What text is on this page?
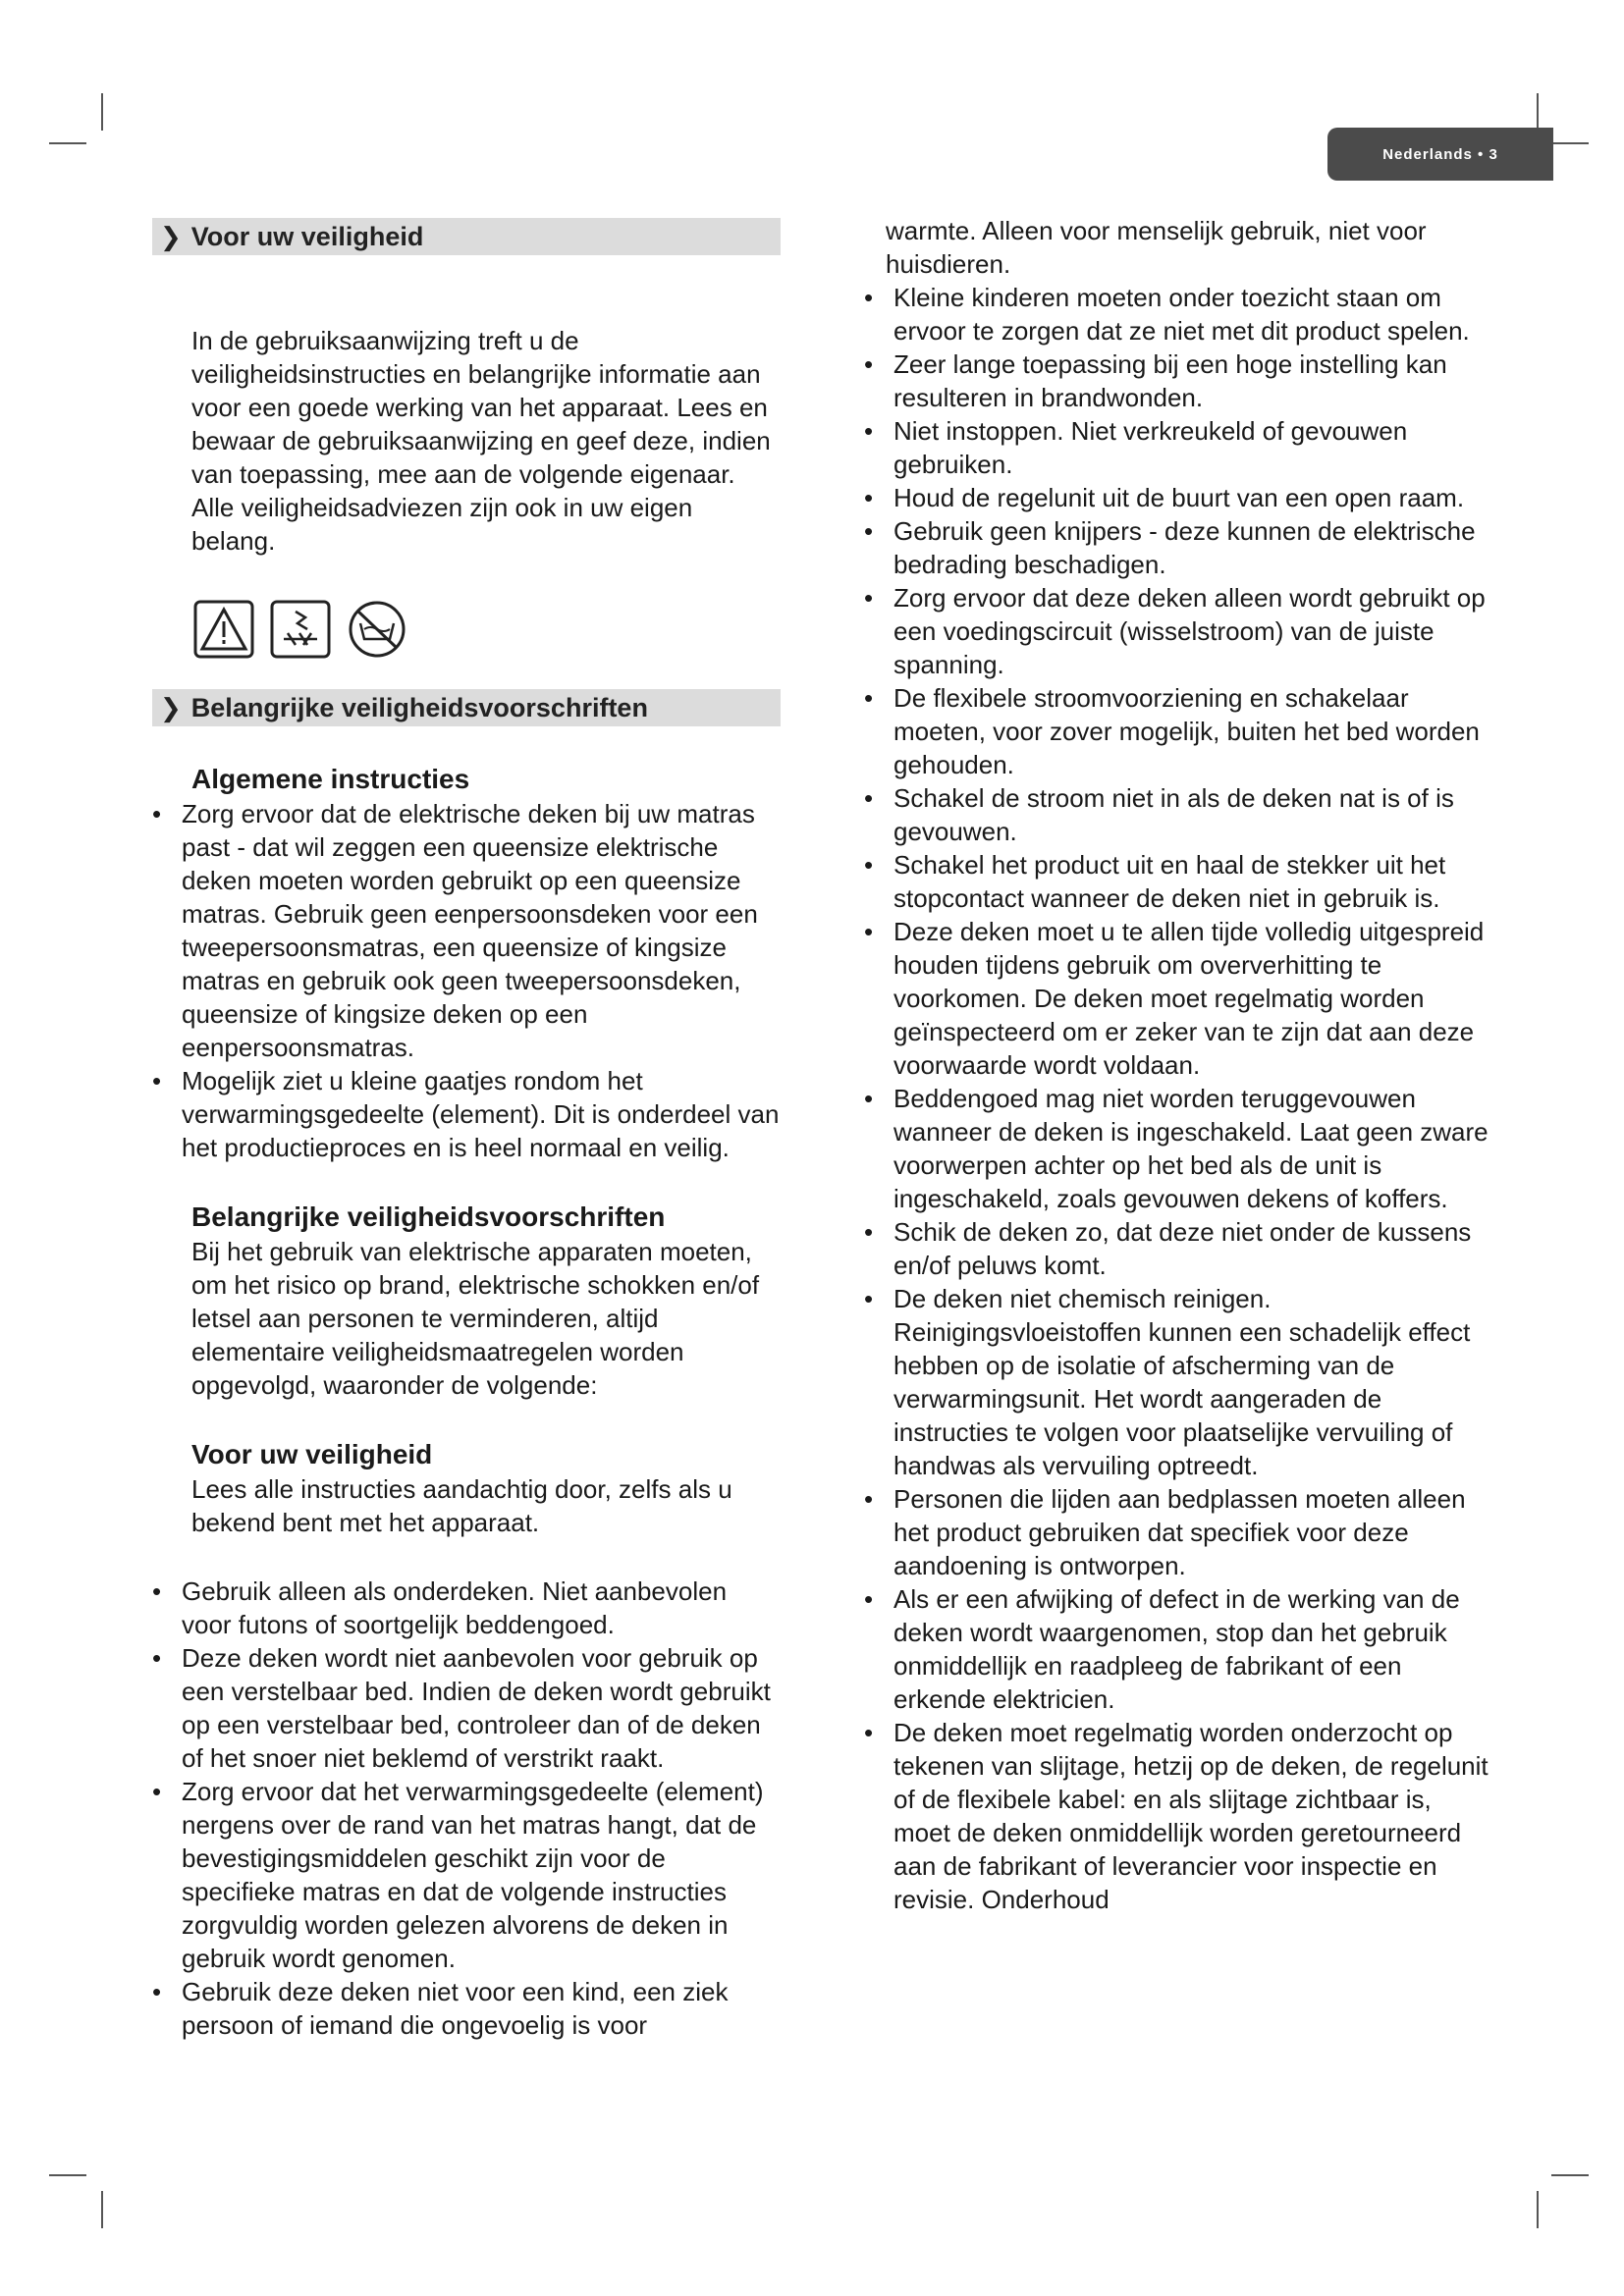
Nederlands • 3
❯ Voor uw veiligheid
In de gebruiksaanwijzing treft u de veiligheidsinstructies en belangrijke informatie aan voor een goede werking van het apparaat. Lees en bewaar de gebruiksaanwijzing en geef deze, indien van toepassing, mee aan de volgende eigenaar. Alle veiligheidsadviezen zijn ook in uw eigen belang.
❯ Belangrijke veiligheidsvoorschriften
Algemene instructies
• Zorg ervoor dat de elektrische deken bij uw matras past - dat wil zeggen een queensize elektrische deken moeten worden gebruikt op een queensize matras. Gebruik geen eenpersoonsdeken voor een tweepersoonsmatras, een queensize of kingsize matras en gebruik ook geen tweepersoonsdeken, queensize of kingsize deken op een eenpersoonsmatras.
• Mogelijk ziet u kleine gaatjes rondom het verwarmingsgedeelte (element). Dit is onderdeel van het productieproces en is heel normaal en veilig.
Belangrijke veiligheidsvoorschriften
Bij het gebruik van elektrische apparaten moeten, om het risico op brand, elektrische schokken en/of letsel aan personen te verminderen, altijd elementaire veiligheidsmaatregelen worden opgevolgd, waaronder de volgende:
Voor uw veiligheid
Lees alle instructies aandachtig door, zelfs als u bekend bent met het apparaat.
• Gebruik alleen als onderdeken. Niet aanbevolen voor futons of soortgelijk beddengoed.
• Deze deken wordt niet aanbevolen voor gebruik op een verstelbaar bed. Indien de deken wordt gebruikt op een verstelbaar bed, controleer dan of de deken of het snoer niet beklemd of verstrikt raakt.
• Zorg ervoor dat het verwarmingsgedeelte (element) nergens over de rand van het matras hangt, dat de bevestigingsmiddelen geschikt zijn voor de specifieke matras en dat de volgende instructies zorgvuldig worden gelezen alvorens de deken in gebruik wordt genomen.
• Gebruik deze deken niet voor een kind, een ziek persoon of iemand die ongevoelig is voor
warmte. Alleen voor menselijk gebruik, niet voor huisdieren.
• Kleine kinderen moeten onder toezicht staan om ervoor te zorgen dat ze niet met dit product spelen.
• Zeer lange toepassing bij een hoge instelling kan resulteren in brandwonden.
• Niet instoppen. Niet verkreukeld of gevouwen gebruiken.
• Houd de regelunit uit de buurt van een open raam.
• Gebruik geen knijpers - deze kunnen de elektrische bedrading beschadigen.
• Zorg ervoor dat deze deken alleen wordt gebruikt op een voedingscircuit (wisselstroom) van de juiste spanning.
• De flexibele stroomvoorziening en schakelaar moeten, voor zover mogelijk, buiten het bed worden gehouden.
• Schakel de stroom niet in als de deken nat is of is gevouwen.
• Schakel het product uit en haal de stekker uit het stopcontact wanneer de deken niet in gebruik is.
• Deze deken moet u te allen tijde volledig uitgespreid houden tijdens gebruik om oververhitting te voorkomen. De deken moet regelmatig worden geïnspecteerd om er zeker van te zijn dat aan deze voorwaarde wordt voldaan.
• Beddengoed mag niet worden teruggevouwen wanneer de deken is ingeschakeld. Laat geen zware voorwerpen achter op het bed als de unit is ingeschakeld, zoals gevouwen dekens of koffers.
• Schik de deken zo, dat deze niet onder de kussens en/of peluws komt.
• De deken niet chemisch reinigen. Reinigingsvloeistoffen kunnen een schadelijk effect hebben op de isolatie of afscherming van de verwarmingsunit. Het wordt aangeraden de instructies te volgen voor plaatselijke vervuiling of handwas als vervuiling optreedt.
• Personen die lijden aan bedplassen moeten alleen het product gebruiken dat specifiek voor deze aandoening is ontworpen.
• Als er een afwijking of defect in de werking van de deken wordt waargenomen, stop dan het gebruik onmiddellijk en raadpleeg de fabrikant of een erkende elektricien.
• De deken moet regelmatig worden onderzocht op tekenen van slijtage, hetzij op de deken, de regelunit of de flexibele kabel: en als slijtage zichtbaar is, moet de deken onmiddellijk worden geretourneerd aan de fabrikant of leverancier voor inspectie en revisie. Onderhoud
